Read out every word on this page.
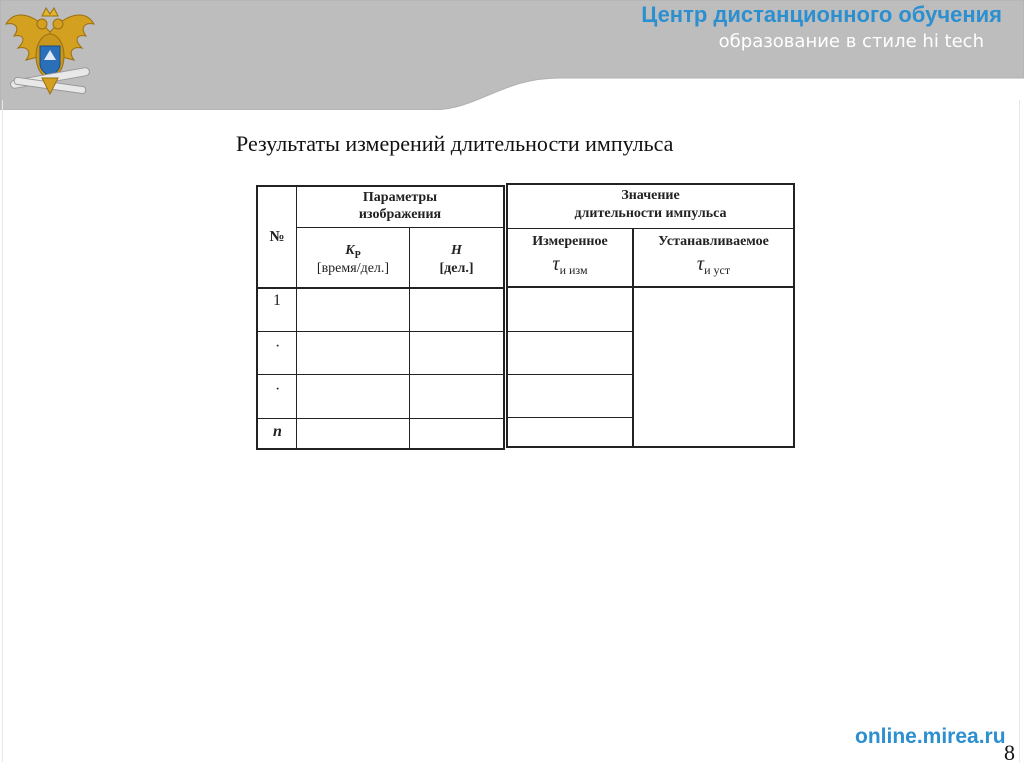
Центр дистанционного обучения
образование в стиле hi tech
Результаты измерений длительности импульса
№
Параметры
изображения
Значение
длительности импульса
$K_P$
[время/дел.]
H
[дел.]
Измеренное
$\tau_{и изм}$
Устанавливаемое
$\tau_{и уст}$
1
·
·
n
online.mirea.ru
8
